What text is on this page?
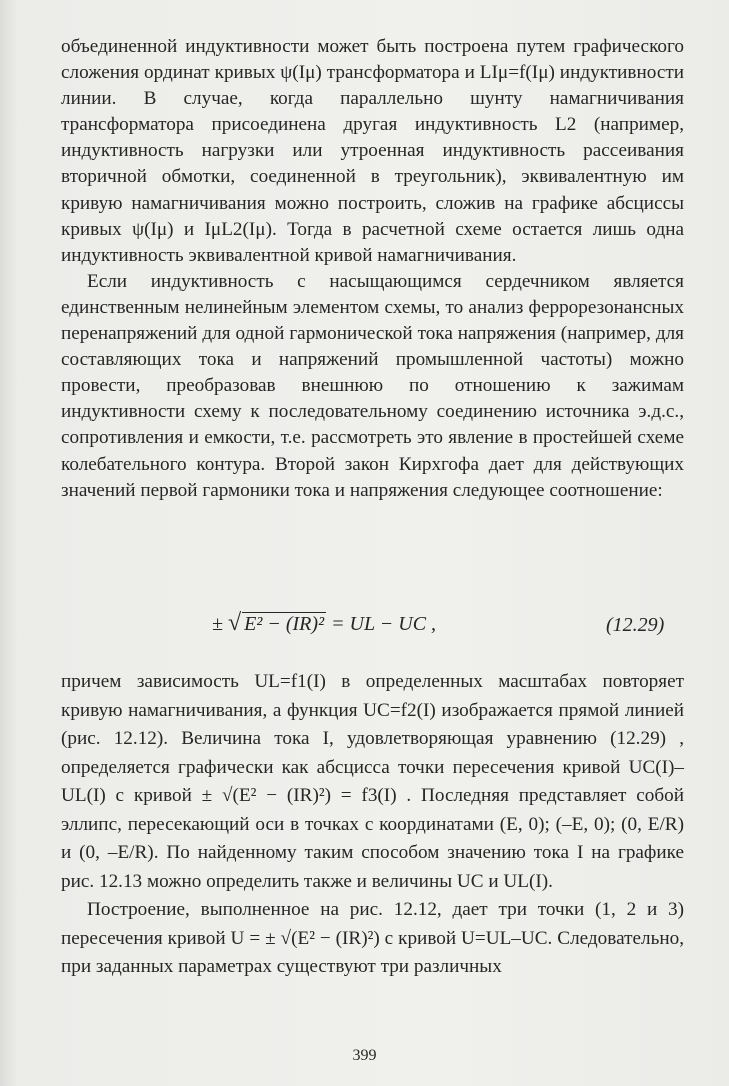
объединенной индуктивности может быть построена путем графического сложения ординат кривых ψ(Iμ) трансформатора и LIμ=f(Iμ) индуктивности линии. В случае, когда параллельно шунту намагничивания трансформатора присоединена другая индуктивность L2 (например, индуктивность нагрузки или утроенная индуктивность рассеивания вторичной обмотки, соединенной в треугольник), эквивалентную им кривую намагничивания можно построить, сложив на графике абсциссы кривых ψ(Iμ) и IμL2(Iμ). Тогда в расчетной схеме остается лишь одна индуктивность эквивалентной кривой намагничивания.

Если индуктивность с насыщающимся сердечником является единственным нелинейным элементом схемы, то анализ феррорезонансных перенапряжений для одной гармонической тока напряжения (например, для составляющих тока и напряжений промышленной частоты) можно провести, преобразовав внешнюю по отношению к зажимам индуктивности схему к последовательному соединению источника э.д.с., сопротивления и емкости, т.е. рассмотреть это явление в простейшей схеме колебательного контура. Второй закон Кирхгофа дает для действующих значений первой гармоники тока и напряжения следующее соотношение:

± √ E² − (IR)² = UL − UC ,	(12.29)

причем зависимость UL=f1(I) в определенных масштабах повторяет кривую намагничивания, а функция UC=f2(I) изображается прямой линией (рис. 12.12). Величина тока I, удовлетворяющая уравнению (12.29) , определяется графически как абсцисса точки пересечения кривой UC(I)–UL(I) с кривой ± √(E² − (IR)²) = f3(I) . Последняя представляет собой эллипс, пересекающий оси в точках с координатами (E, 0); (–E, 0); (0, E/R) и (0, –E/R). По найденному таким способом значению тока I на графике рис. 12.13 можно определить также и величины UC и UL(I).

Построение, выполненное на рис. 12.12, дает три точки (1, 2 и 3) пересечения кривой U = ± √(E² − (IR)²) с кривой U=UL–UC. Следовательно, при заданных параметрах существуют три различных

399
